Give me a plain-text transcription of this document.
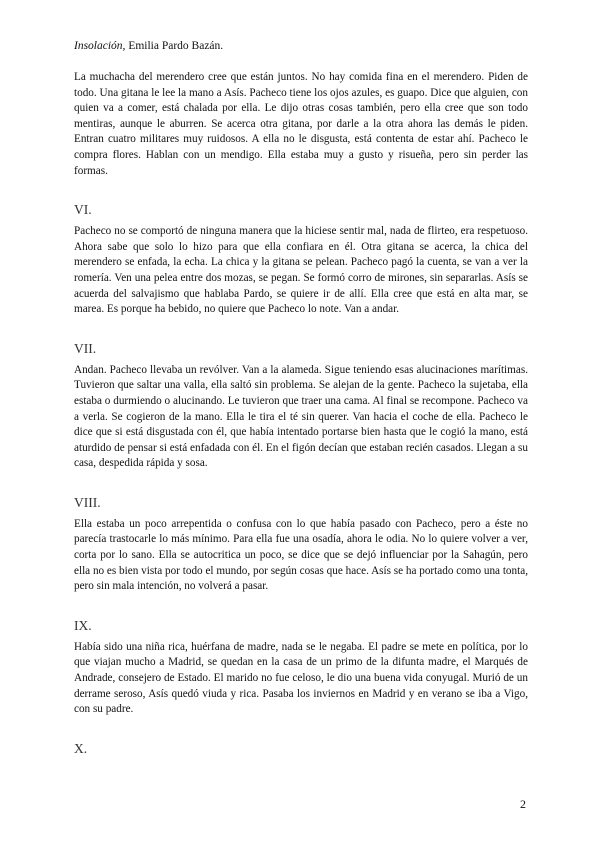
Insolación, Emilia Pardo Bazán.

La muchacha del merendero cree que están juntos. No hay comida fina en el merendero. Piden de todo. Una gitana le lee la mano a Asís. Pacheco tiene los ojos azules, es guapo. Dice que alguien, con quien va a comer, está chalada por ella. Le dijo otras cosas también, pero ella cree que son todo mentiras, aunque le aburren. Se acerca otra gitana, por darle a la otra ahora las demás le piden. Entran cuatro militares muy ruidosos. A ella no le disgusta, está contenta de estar ahí. Pacheco le compra flores. Hablan con un mendigo. Ella estaba muy a gusto y risueña, pero sin perder las formas.

VI.

Pacheco no se comportó de ninguna manera que la hiciese sentir mal, nada de flirteo, era respetuoso. Ahora sabe que solo lo hizo para que ella confiara en él. Otra gitana se acerca, la chica del merendero se enfada, la echa. La chica y la gitana se pelean. Pacheco pagó la cuenta, se van a ver la romería. Ven una pelea entre dos mozas, se pegan. Se formó corro de mirones, sin separarlas. Asís se acuerda del salvajismo que hablaba Pardo, se quiere ir de allí. Ella cree que está en alta mar, se marea. Es porque ha bebido, no quiere que Pacheco lo note. Van a andar.

VII.

Andan. Pacheco llevaba un revólver. Van a la alameda. Sigue teniendo esas alucinaciones marítimas. Tuvieron que saltar una valla, ella saltó sin problema. Se alejan de la gente. Pacheco la sujetaba, ella estaba o durmiendo o alucinando. Le tuvieron que traer una cama. Al final se recompone. Pacheco va a verla. Se cogieron de la mano. Ella le tira el té sin querer. Van hacia el coche de ella. Pacheco le dice que si está disgustada con él, que había intentado portarse bien hasta que le cogió la mano, está aturdido de pensar si está enfadada con él. En el figón decían que estaban recién casados. Llegan a su casa, despedida rápida y sosa.

VIII.

Ella estaba un poco arrepentida o confusa con lo que había pasado con Pacheco, pero a éste no parecía trastocarle lo más mínimo. Para ella fue una osadía, ahora le odia. No lo quiere volver a ver, corta por lo sano. Ella se autocritica un poco, se dice que se dejó influenciar por la Sahagún, pero ella no es bien vista por todo el mundo, por según cosas que hace. Asís se ha portado como una tonta, pero sin mala intención, no volverá a pasar.

IX.

Había sido una niña rica, huérfana de madre, nada se le negaba. El padre se mete en política, por lo que viajan mucho a Madrid, se quedan en la casa de un primo de la difunta madre, el Marqués de Andrade, consejero de Estado. El marido no fue celoso, le dio una buena vida conyugal. Murió de un derrame seroso, Asís quedó viuda y rica. Pasaba los inviernos en Madrid y en verano se iba a Vigo, con su padre.

X.
2
